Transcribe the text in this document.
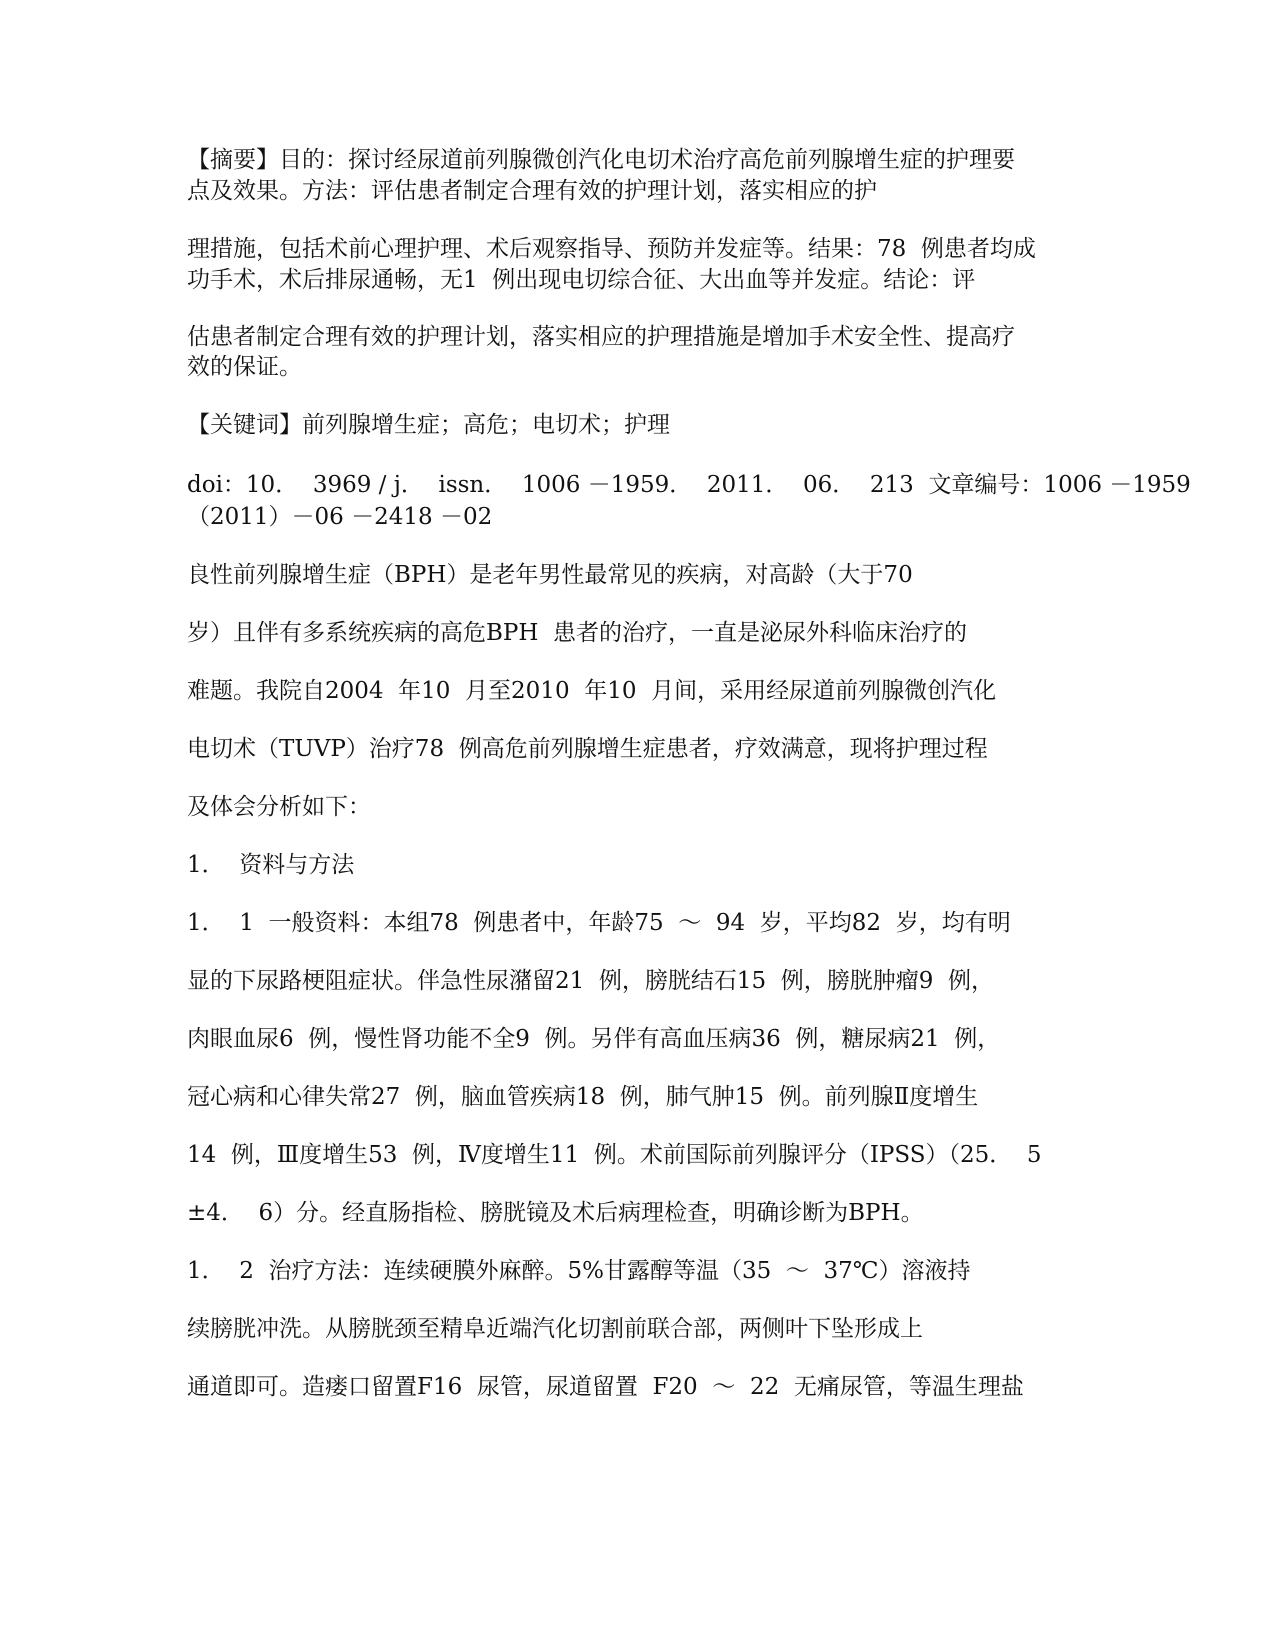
【摘要】目的：探讨经尿道前列腺微创汽化电切术治疗高危前列腺增生症的护理要

点及效果。方法：评估患者制定合理有效的护理计划，落实相应的护

理措施，包括术前心理护理、术后观察指导、预防并发症等。结果：78  例患者均成

功手术，术后排尿通畅，无1  例出现电切综合征、大出血等并发症。结论：评

估患者制定合理有效的护理计划，落实相应的护理措施是增加手术安全性、提高疗

效的保证。

【关键词】前列腺增生症；高危；电切术；护理

doi：10．  3969 / j．  issn．  1006 －1959．  2011．  06．  213  文章编号：1006 －1959

（2011）－06 －2418 －02

良性前列腺增生症（BPH）是老年男性最常见的疾病，对高龄（大于70

岁）且伴有多系统疾病的高危BPH  患者的治疗，一直是泌尿外科临床治疗的

难题。我院自2004  年10  月至2010  年10  月间，采用经尿道前列腺微创汽化

电切术（TUVP）治疗78  例高危前列腺增生症患者，疗效满意，现将护理过程

及体会分析如下：

1．  资料与方法

1．  1  一般资料：本组78  例患者中，年龄75  ～  94  岁，平均82  岁，均有明

显的下尿路梗阻症状。伴急性尿潴留21  例，膀胱结石15  例，膀胱肿瘤9  例，

肉眼血尿6  例，慢性肾功能不全9  例。另伴有高血压病36  例，糖尿病21  例，

冠心病和心律失常27  例，脑血管疾病18  例，肺气肿15  例。前列腺Ⅱ度增生

14  例，Ⅲ度增生53  例，Ⅳ度增生11  例。术前国际前列腺评分（IPSS）（25．  5

±4．  6）分。经直肠指检、膀胱镜及术后病理检查，明确诊断为BPH。

1．  2  治疗方法：连续硬膜外麻醉。5%甘露醇等温（35  ～  37℃）溶液持

续膀胱冲洗。从膀胱颈至精阜近端汽化切割前联合部，两侧叶下坠形成上

通道即可。造瘘口留置F16  尿管，尿道留置  F20  ～  22  无痛尿管，等温生理盐
